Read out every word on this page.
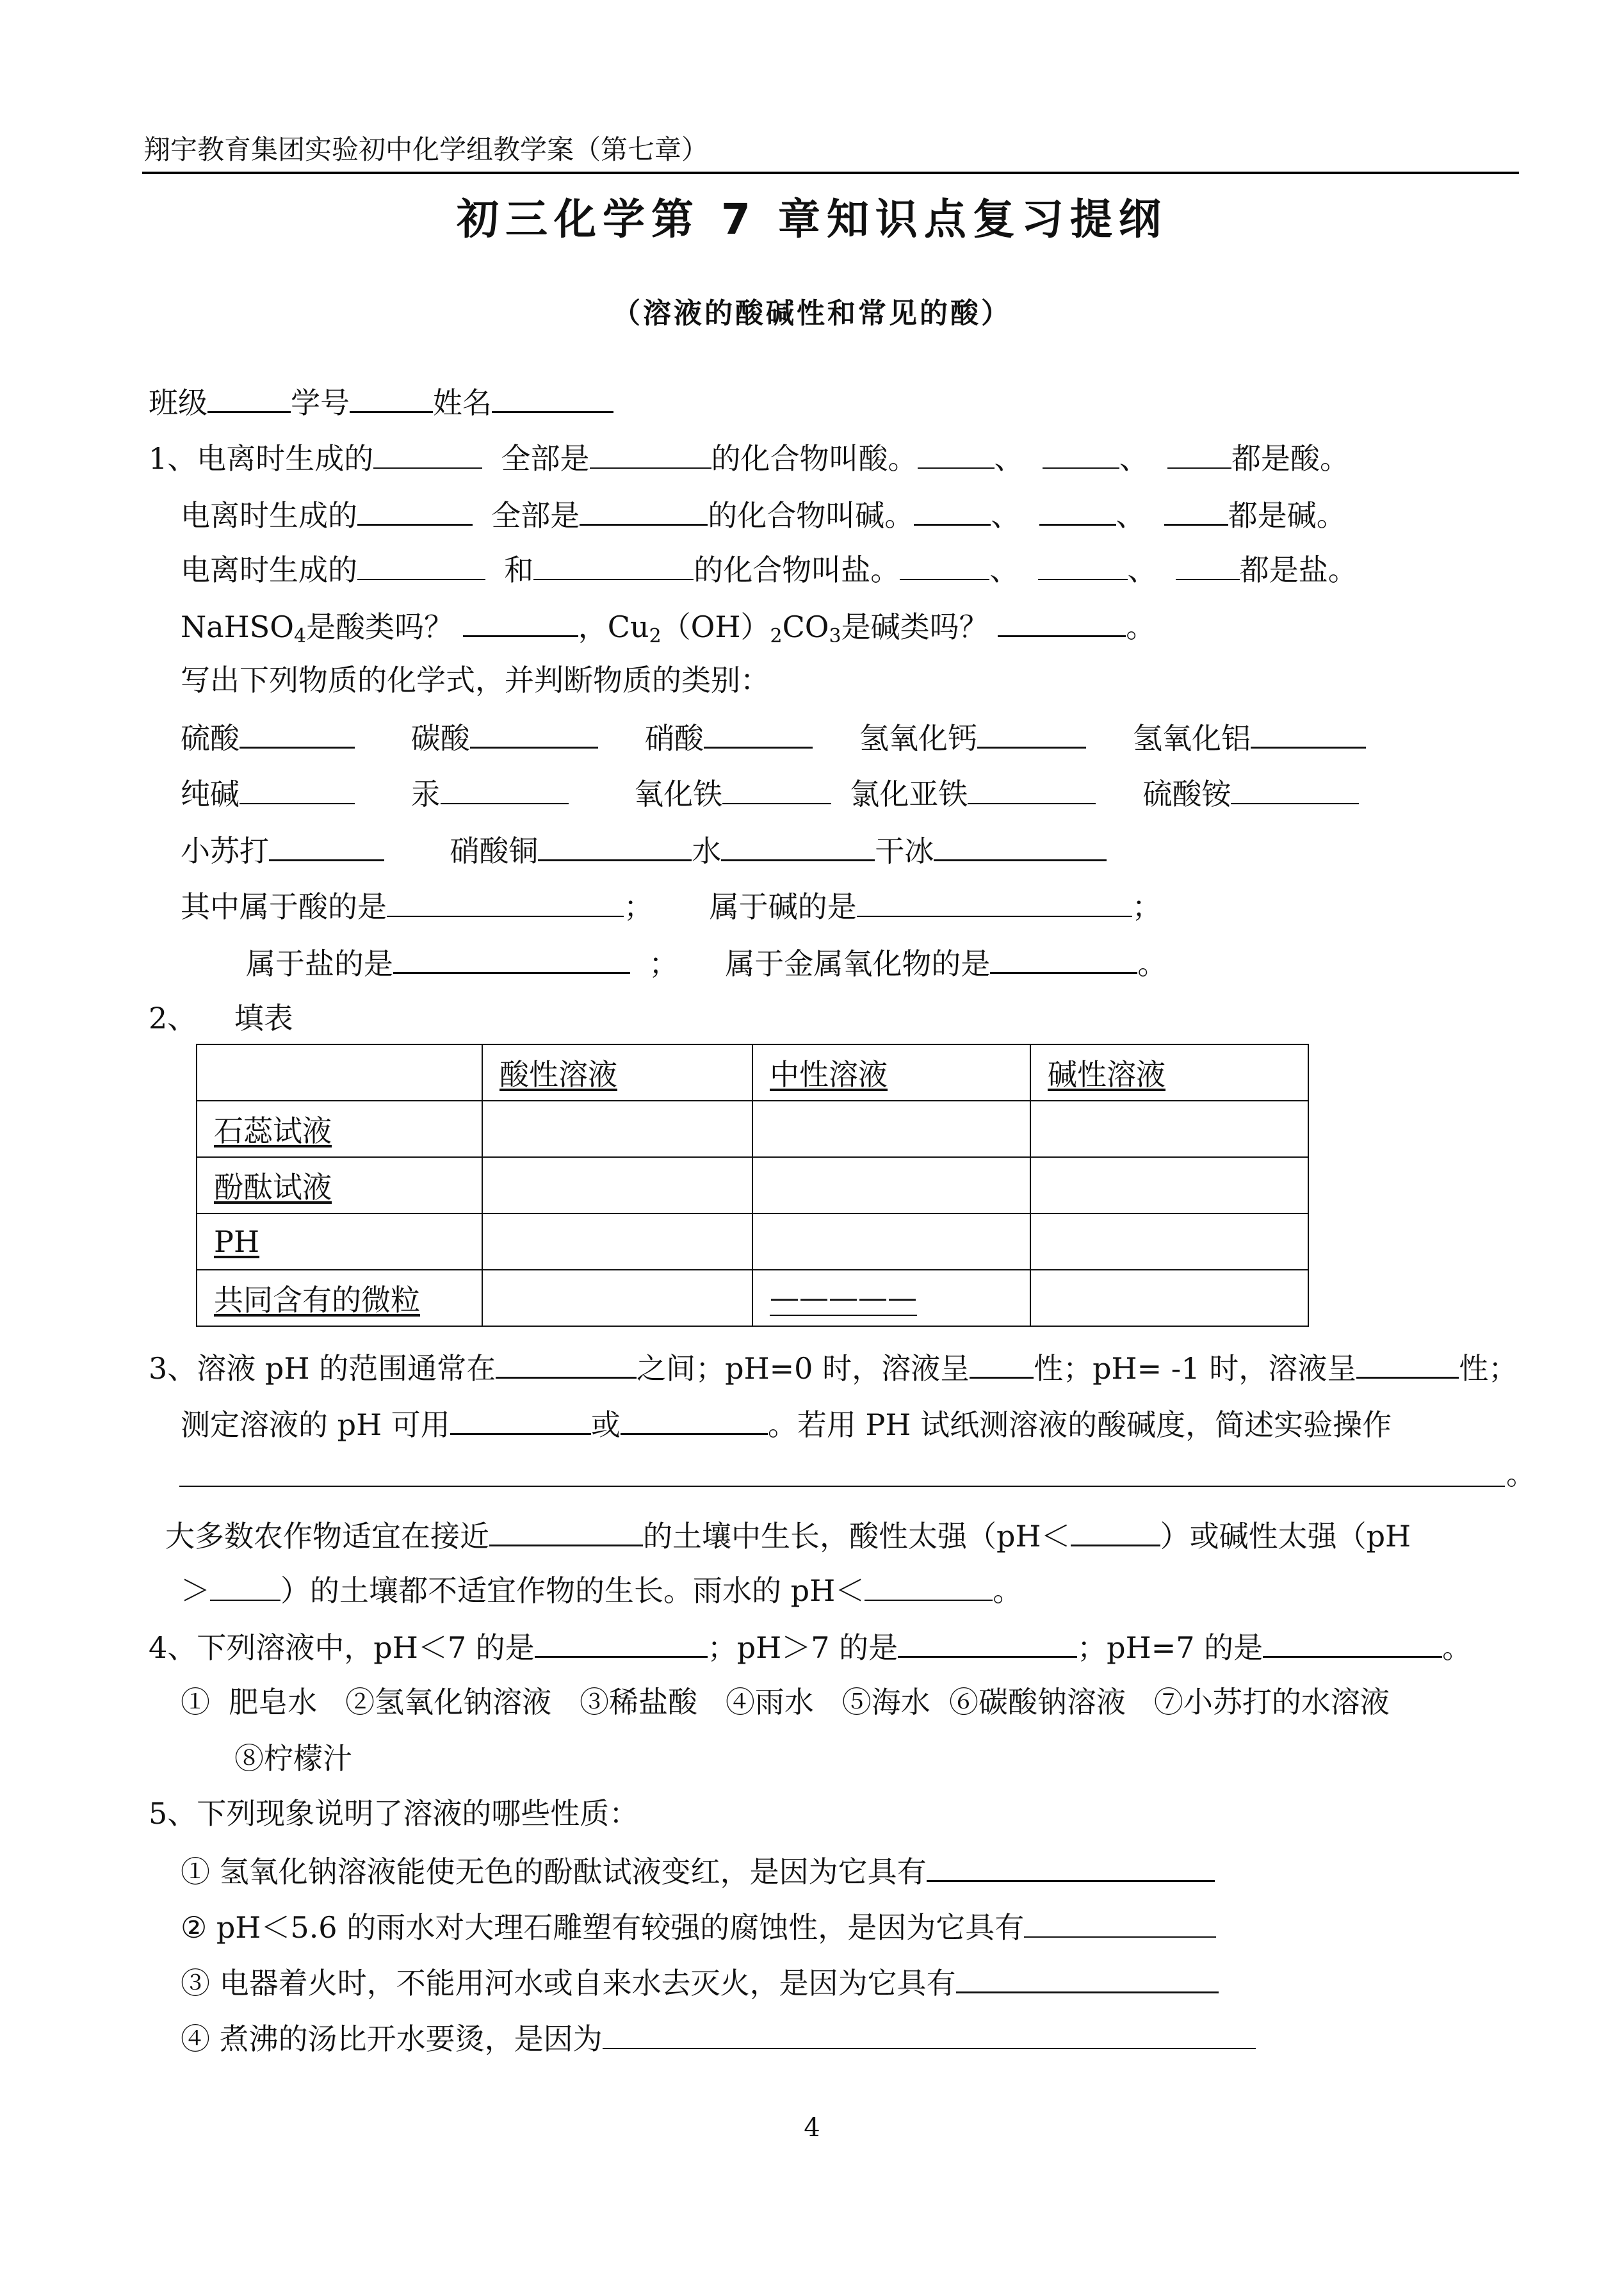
翔宇教育集团实验初中化学组教学案（第七章）
初三化学第 7 章知识点复习提纲
（溶液的酸碱性和常见的酸）
班级	学号	姓名
1、电离时生成的	全部是	的化合物叫酸。	、	、	都是酸。
电离时生成的	全部是	的化合物叫碱。	、	、	都是碱。
电离时生成的	和	的化合物叫盐。	、	、	都是盐。
NaHSO$_4$是酸类吗？	，$Cu_2(OH)_2CO_3$是碱类吗？	。
写出下列物质的化学式，并判断物质的类别：
硫酸	碳酸	硝酸	氢氧化钙	氢氧化铝
纯碱	汞	氧化铁	氯化亚铁	硫酸铵
小苏打	硝酸铜	水	干冰
其中属于酸的是	； 属于碱的是	；
属于盐的是	； 属于金属氧化物的是	。
2、 填表
	酸性溶液	中性溶液	碱性溶液
石蕊试液			
酚酞试液			
PH			
共同含有的微粒		—————	
3、溶液 pH 的范围通常在	之间；pH=0 时，溶液呈 性；pH= -1 时，溶液呈	性；
测定溶液的 pH 可用	或	。若用 PH 试纸测溶液的酸碱度，简述实验操作
。
大多数农作物适宜在接近	的土壤中生长，酸性太强（pH＜	）或碱性太强（pH
＞ ）的土壤都不适宜作物的生长。雨水的 pH＜	。
4、下列溶液中，pH＜7 的是	；pH＞7 的是	；pH=7 的是	。
①  肥皂水   ②氢氧化钠溶液   ③稀盐酸   ④雨水   ⑤海水  ⑥碳酸钠溶液   ⑦小苏打的水溶液
⑧柠檬汁
5、下列现象说明了溶液的哪些性质：
① 氢氧化钠溶液能使无色的酚酞试液变红，是因为它具有
② pH＜5.6 的雨水对大理石雕塑有较强的腐蚀性，是因为它具有
③ 电器着火时，不能用河水或自来水去灭火，是因为它具有
④ 煮沸的汤比开水要烫，是因为
4
